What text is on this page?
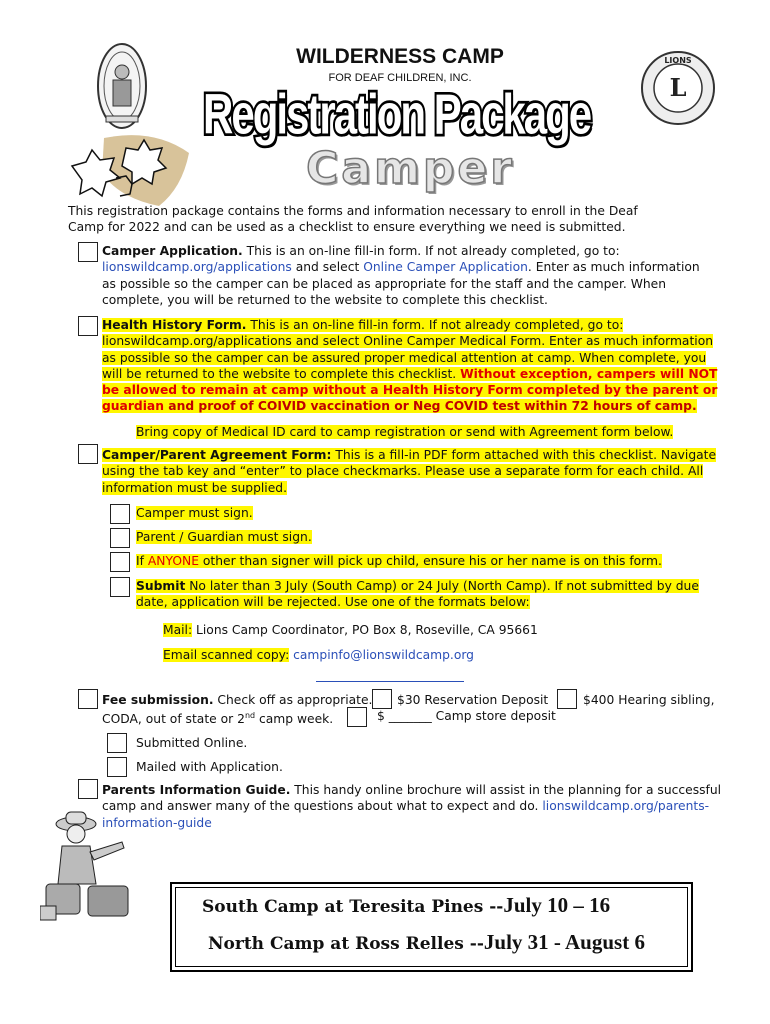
WILDERNESS CAMP
FOR DEAF CHILDREN, INC.
Registration Package
Camper
L
LIONS
This registration package contains the forms and information necessary to enroll in the Deaf Camp for 2022 and can be used as a checklist to ensure everything we need is submitted.
Camper Application. This is an on-line fill-in form. If not already completed, go to:
lionswildcamp.org/applications and select Online Camper Application. Enter as much information
as possible so the camper can be placed as appropriate for the staff and the camper. When
complete, you will be returned to the website to complete this checklist.
Health History Form. This is an on-line fill-in form. If not already completed, go to:
lionswildcamp.org/applications and select Online Camper Medical Form. Enter as much information
as possible so the camper can be assured proper medical attention at camp. When complete, you
will be returned to the website to complete this checklist. Without exception, campers will NOT
be allowed to remain at camp without a Health History Form completed by the parent or
guardian and proof of COIVID vaccination or Neg COVID test within 72 hours of camp.
Bring copy of Medical ID card to camp registration or send with Agreement form below.
Camper/Parent Agreement Form: This is a fill-in PDF form attached with this checklist. Navigate
using the tab key and “enter” to place checkmarks. Please use a separate form for each child. All
information must be supplied.
Camper must sign.
Parent / Guardian must sign.
If ANYONE other than signer will pick up child, ensure his or her name is on this form.
Submit No later than 3 July (South Camp) or 24 July (North Camp). If not submitted by due
date, application will be rejected. Use one of the formats below:
Mail: Lions Camp Coordinator, PO Box 8, Roseville, CA 95661
Email scanned copy: campinfo@lionswildcamp.org
Fee submission. Check off as appropriate.	$30 Reservation Deposit	$400 Hearing sibling,
CODA, out of state or 2nd camp week.	$ _______ Camp store deposit
Submitted Online.
Mailed with Application.
Parents Information Guide. This handy online brochure will assist in the planning for a successful
camp and answer many of the questions about what to expect and do. lionswildcamp.org/parents-
information-guide
South Camp at Teresita Pines --July 10 – 16
North Camp at Ross Relles --July 31 - August 6
